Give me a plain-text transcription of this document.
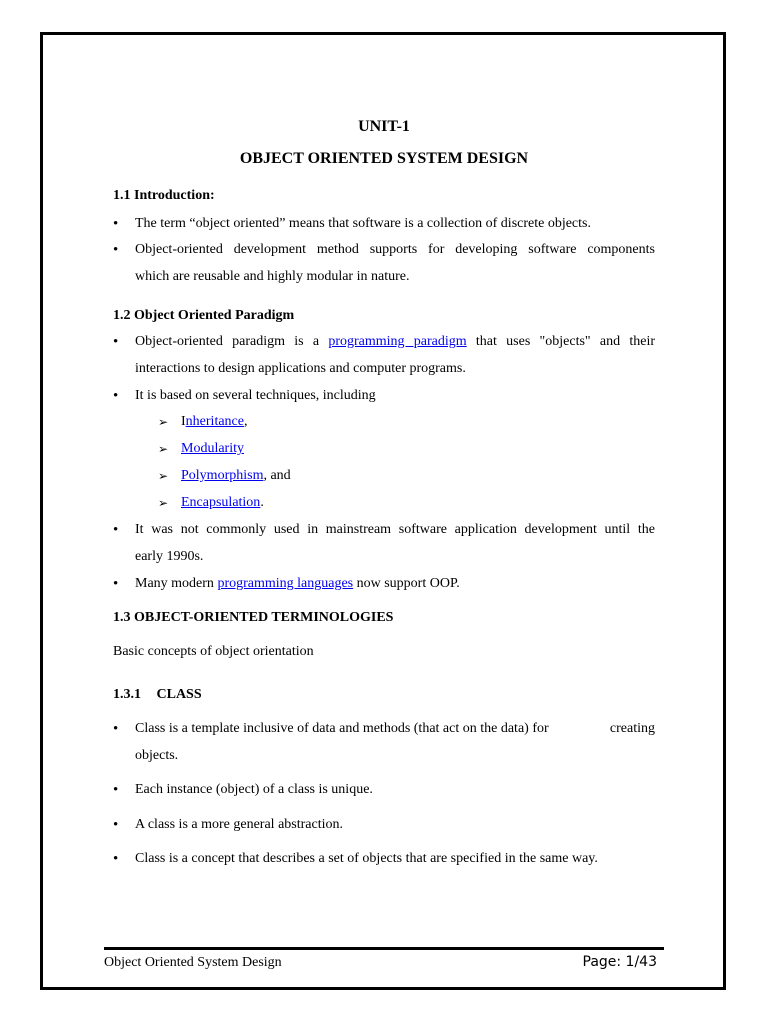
UNIT-1
OBJECT ORIENTED SYSTEM DESIGN
1.1 Introduction:
• The term “object oriented” means that software is a collection of discrete objects.
• Object-oriented development method supports for developing software components
which are reusable and highly modular in nature.
1.2 Object Oriented Paradigm
• Object-oriented paradigm is a programming paradigm that uses "objects" and their
interactions to design applications and computer programs.
• It is based on several techniques, including
➢ Inheritance,
➢ Modularity
➢ Polymorphism, and
➢ Encapsulation.
• It was not commonly used in mainstream software application development until the
early 1990s.
• Many modern programming languages now support OOP.
1.3 OBJECT-ORIENTED TERMINOLOGIES
Basic concepts of object orientation
1.3.1 CLASS
• Class is a template inclusive of data and methods (that act on the data) for	creating
objects.
• Each instance (object) of a class is unique.
• A class is a more general abstraction.
• Class is a concept that describes a set of objects that are specified in the same way.
Object Oriented System Design	Page: 1/43
